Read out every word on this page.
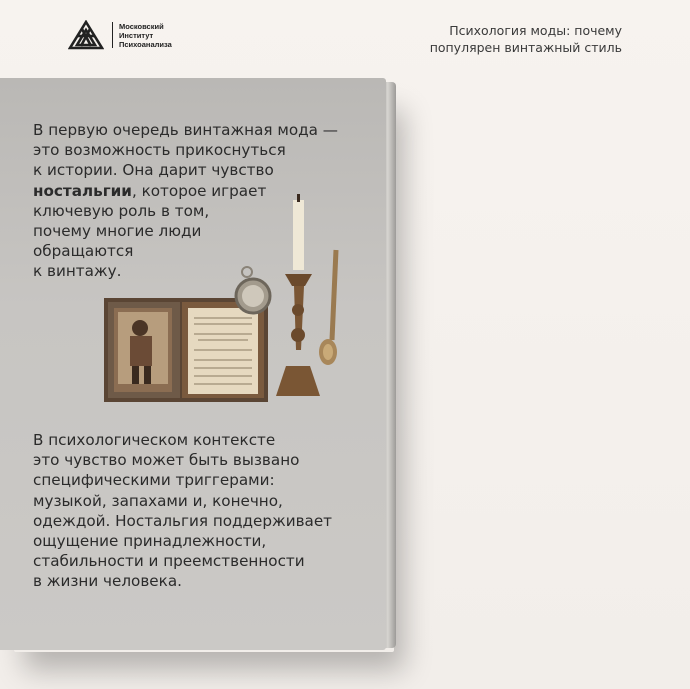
Московский
Институт
Психоанализа
Психология моды: почему
популярен винтажный стиль
В первую очередь винтажная мода —
это возможность прикоснуться
к истории. Она дарит чувство
ностальгии, которое играет
ключевую роль в том,
почему многие люди
обращаются
к винтажу.
В психологическом контексте
это чувство может быть вызвано
специфическими триггерами:
музыкой, запахами и, конечно,
одеждой. Ностальгия поддерживает
ощущение принадлежности,
стабильности и преемственности
в жизни человека.
